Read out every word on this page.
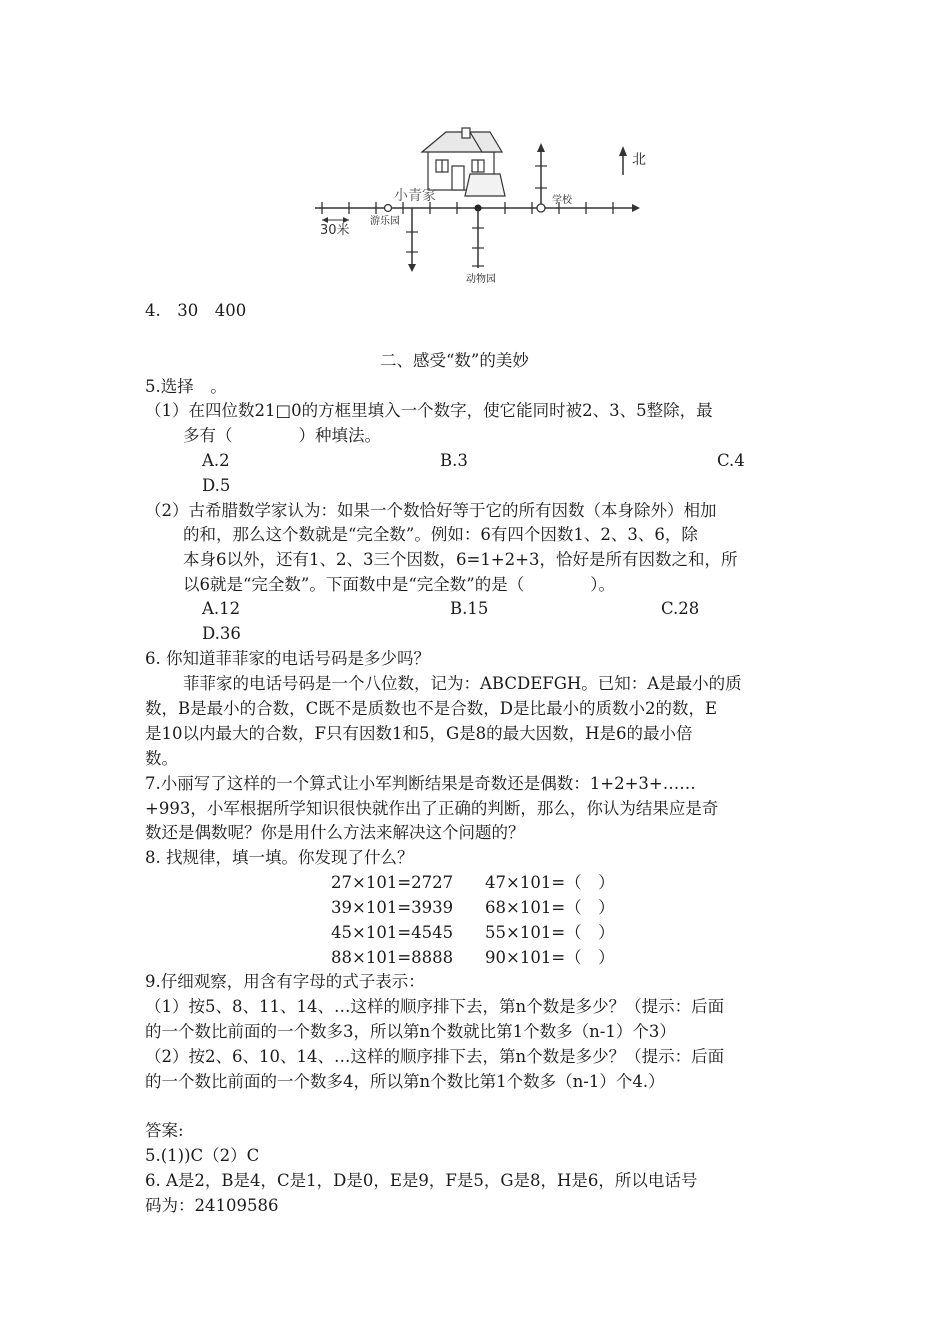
30米
游乐园
动物园
学校
北
小青家
4.　30　400
二、感受“数”的美妙
5.选择　。
（1）在四位数21□0的方框里填入一个数字，使它能同时被2、3、5整除，最
多有（　　　　）种填法。
A.2	B.3	C.4
D.5
（2）古希腊数学家认为：如果一个数恰好等于它的所有因数（本身除外）相加
的和，那么这个数就是“完全数”。例如：6有四个因数1、2、3、6，除
本身6以外，还有1、2、3三个因数，6=1+2+3，恰好是所有因数之和，所
以6就是“完全数”。下面数中是“完全数”的是（　　　　）。
A.12	B.15	C.28
D.36
6. 你知道菲菲家的电话号码是多少吗？
菲菲家的电话号码是一个八位数，记为：ABCDEFGH。已知：A是最小的质
数，B是最小的合数，C既不是质数也不是合数，D是比最小的质数小2的数，E
是10以内最大的合数，F只有因数1和5，G是8的最大因数，H是6的最小倍
数。
7.小丽写了这样的一个算式让小军判断结果是奇数还是偶数：1+2+3+……
+993，小军根据所学知识很快就作出了正确的判断，那么，你认为结果应是奇
数还是偶数呢？你是用什么方法来解决这个问题的？
8. 找规律，填一填。你发现了什么？
27×101=2727 47×101=（　）
39×101=3939 68×101=（　）
45×101=4545 55×101=（　）
88×101=8888 90×101=（　）
9.仔细观察，用含有字母的式子表示：
（1）按5、8、11、14、…这样的顺序排下去，第n个数是多少？（提示：后面
的一个数比前面的一个数多3，所以第n个数就比第1个数多（n-1）个3）
（2）按2、6、10、14、…这样的顺序排下去，第n个数是多少？（提示：后面
的一个数比前面的一个数多4，所以第n个数比第1个数多（n-1）个4.）
答案:
5.(1))C（2）C
6. A是2，B是4，C是1，D是0，E是9，F是5，G是8，H是6，所以电话号
码为：24109586
